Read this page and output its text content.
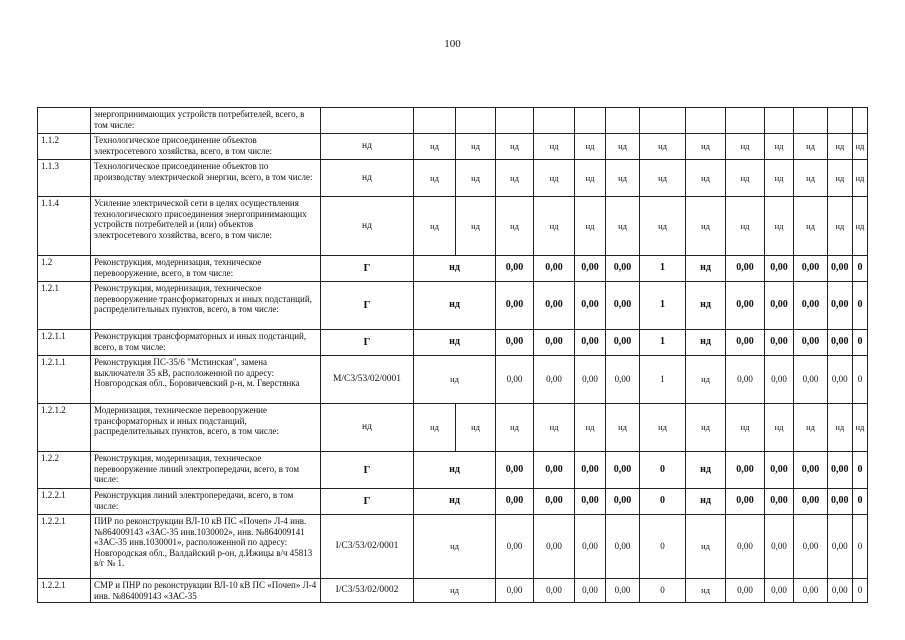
100
	энергопринимающих устройств потребителей, всего, в том числе:														
1.1.2	Технологическое присоединение объектов электросетевого хозяйства, всего, в том числе:	нд	нд	нд	нд	нд	нд	нд	нд	нд	нд	нд	нд	нд	нд
1.1.3	Технологическое присоединение объектов по производству электрической энергии, всего, в том числе:	нд	нд	нд	нд	нд	нд	нд	нд	нд	нд	нд	нд	нд	нд
1.1.4	Усиление электрической сети в целях осуществления технологического присоединения энергопринимающих устройств потребителей и (или) объектов электросетевого хозяйства, всего, в том числе:	нд	нд	нд	нд	нд	нд	нд	нд	нд	нд	нд	нд	нд	нд
1.2	Реконструкция, модернизация, техническое перевооружение, всего, в том числе:	Г	нд		0,00	0,00	0,00	0,00	1	нд	0,00	0,00	0,00	0,00	0
1.2.1	Реконструкция, модернизация, техническое перевооружение трансформаторных и иных подстанций, распределительных пунктов, всего, в том числе:	Г	нд		0,00	0,00	0,00	0,00	1	нд	0,00	0,00	0,00	0,00	0
1.2.1.1	Реконструкция трансформаторных и иных подстанций, всего, в том числе:	Г	нд		0,00	0,00	0,00	0,00	1	нд	0,00	0,00	0,00	0,00	0
1.2.1.1	Реконструкция ПС-35/6 "Мстинская", замена выключателя 35 кВ, расположенной по адресу: Новгородская обл., Боровичевский р-н, м. Гверстянка	M/C3/53/02/0001	нд		0,00	0,00	0,00	0,00	1	нд	0,00	0,00	0,00	0,00	0
1.2.1.2	Модернизация, техническое перевооружение трансформаторных и иных подстанций, распределительных пунктов, всего, в том числе:	нд	нд	нд	нд	нд	нд	нд	нд	нд	нд	нд	нд	нд	нд
1.2.2	Реконструкция, модернизация, техническое перевооружение линий электропередачи, всего, в том числе:	Г	нд		0,00	0,00	0,00	0,00	0	нд	0,00	0,00	0,00	0,00	0
1.2.2.1	Реконструкция линий электропередачи, всего, в том числе:	Г	нд		0,00	0,00	0,00	0,00	0	нд	0,00	0,00	0,00	0,00	0
1.2.2.1	ПИР по реконструкции ВЛ-10 кВ ПС «Почеп» Л-4 инв. №864009143 «ЗАС-35 инв.1030002», инв. №864009141 «ЗАС-35 инв.1030001», расположенной по адресу: Новгородская обл., Валдайский р-он, д.Ижицы в/ч 45813 в/г № 1.	I/C3/53/02/0001	нд		0,00	0,00	0,00	0,00	0	нд	0,00	0,00	0,00	0,00	0
1.2.2.1	СМР и ПНР по реконструкции ВЛ-10 кВ ПС «Почеп» Л-4 инв. №864009143 «ЗАС-35	I/C3/53/02/0002	нд		0,00	0,00	0,00	0,00	0	нд	0,00	0,00	0,00	0,00	0
